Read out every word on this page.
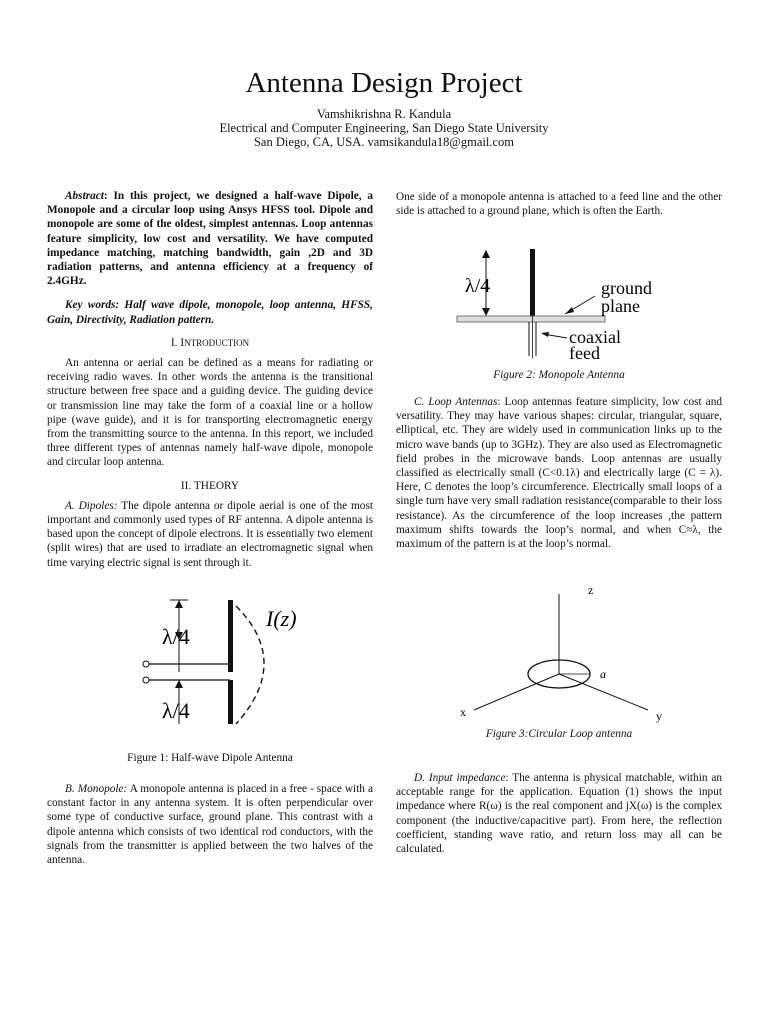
Antenna Design Project
Vamshikrishna R. Kandula
Electrical and Computer Engineering, San Diego State University
San Diego, CA, USA. vamsikandula18@gmail.com

Abstract: In this project, we designed a half-wave Dipole, a Monopole and a circular loop using Ansys HFSS tool. Dipole and monopole are some of the oldest, simplest antennas. Loop antennas feature simplicity, low cost and versatility. We have computed impedance matching, matching bandwidth, gain ,2D and 3D radiation patterns, and antenna efficiency at a frequency of 2.4GHz.

Key words: Half wave dipole, monopole, loop antenna, HFSS, Gain, Directivity, Radiation pattern.

I. INTRODUCTION

An antenna or aerial can be defined as a means for radiating or receiving radio waves. In other words the antenna is the transitional structure between free space and a guiding device. The guiding device or transmission line may take the form of a coaxial line or a hollow pipe (wave guide), and it is for transporting electromagnetic energy from the transmitting source to the antenna. In this report, we included three different types of antennas namely half-wave dipole, monopole and circular loop antenna.

II. THEORY

A. Dipoles: The dipole antenna or dipole aerial is one of the most important and commonly used types of RF antenna. A dipole antenna is based upon the concept of dipole electrons. It is essentially two element (split wires) that are used to irradiate an electromagnetic signal when time varying electric signal is sent through it.

λ/4
λ/4
I(z)
Figure 1: Half-wave Dipole Antenna

B. Monopole: A monopole antenna is placed in a free - space with a constant factor in any antenna system. It is often perpendicular over some type of conductive surface, ground plane. This contrast with a dipole antenna which consists of two identical rod conductors, with the signals from the transmitter is applied between the two halves of the antenna.

One side of a monopole antenna is attached to a feed line and the other side is attached to a ground plane, which is often the Earth.

λ/4	ground
plane
coaxial
feed
Figure 2: Monopole Antenna

C. Loop Antennas: Loop antennas feature simplicity, low cost and versatility. They may have various shapes: circular, triangular, square, elliptical, etc. They are widely used in communication links up to the micro wave bands (up to 3GHz). They are also used as Electromagnetic field probes in the microwave bands. Loop antennas are usually classified as electrically small (C<0.1λ) and electrically large (C = λ). Here, C denotes the loop’s circumference. Electrically small loops of a single turn have very small radiation resistance(comparable to their loss resistance). As the circumference of the loop increases ,the pattern maximum shifts towards the loop’s normal, and when C≈λ, the maximum of the pattern is at the loop’s normal.

z
x	y
a
Figure 3:Circular Loop antenna

D. Input impedance: The antenna is physical matchable, within an acceptable range for the application. Equation (1) shows the input impedance where R(ω) is the real component and jX(ω) is the complex component (the inductive/capacitive part). From here, the reflection coefficient, standing wave ratio, and return loss may all can be calculated.
